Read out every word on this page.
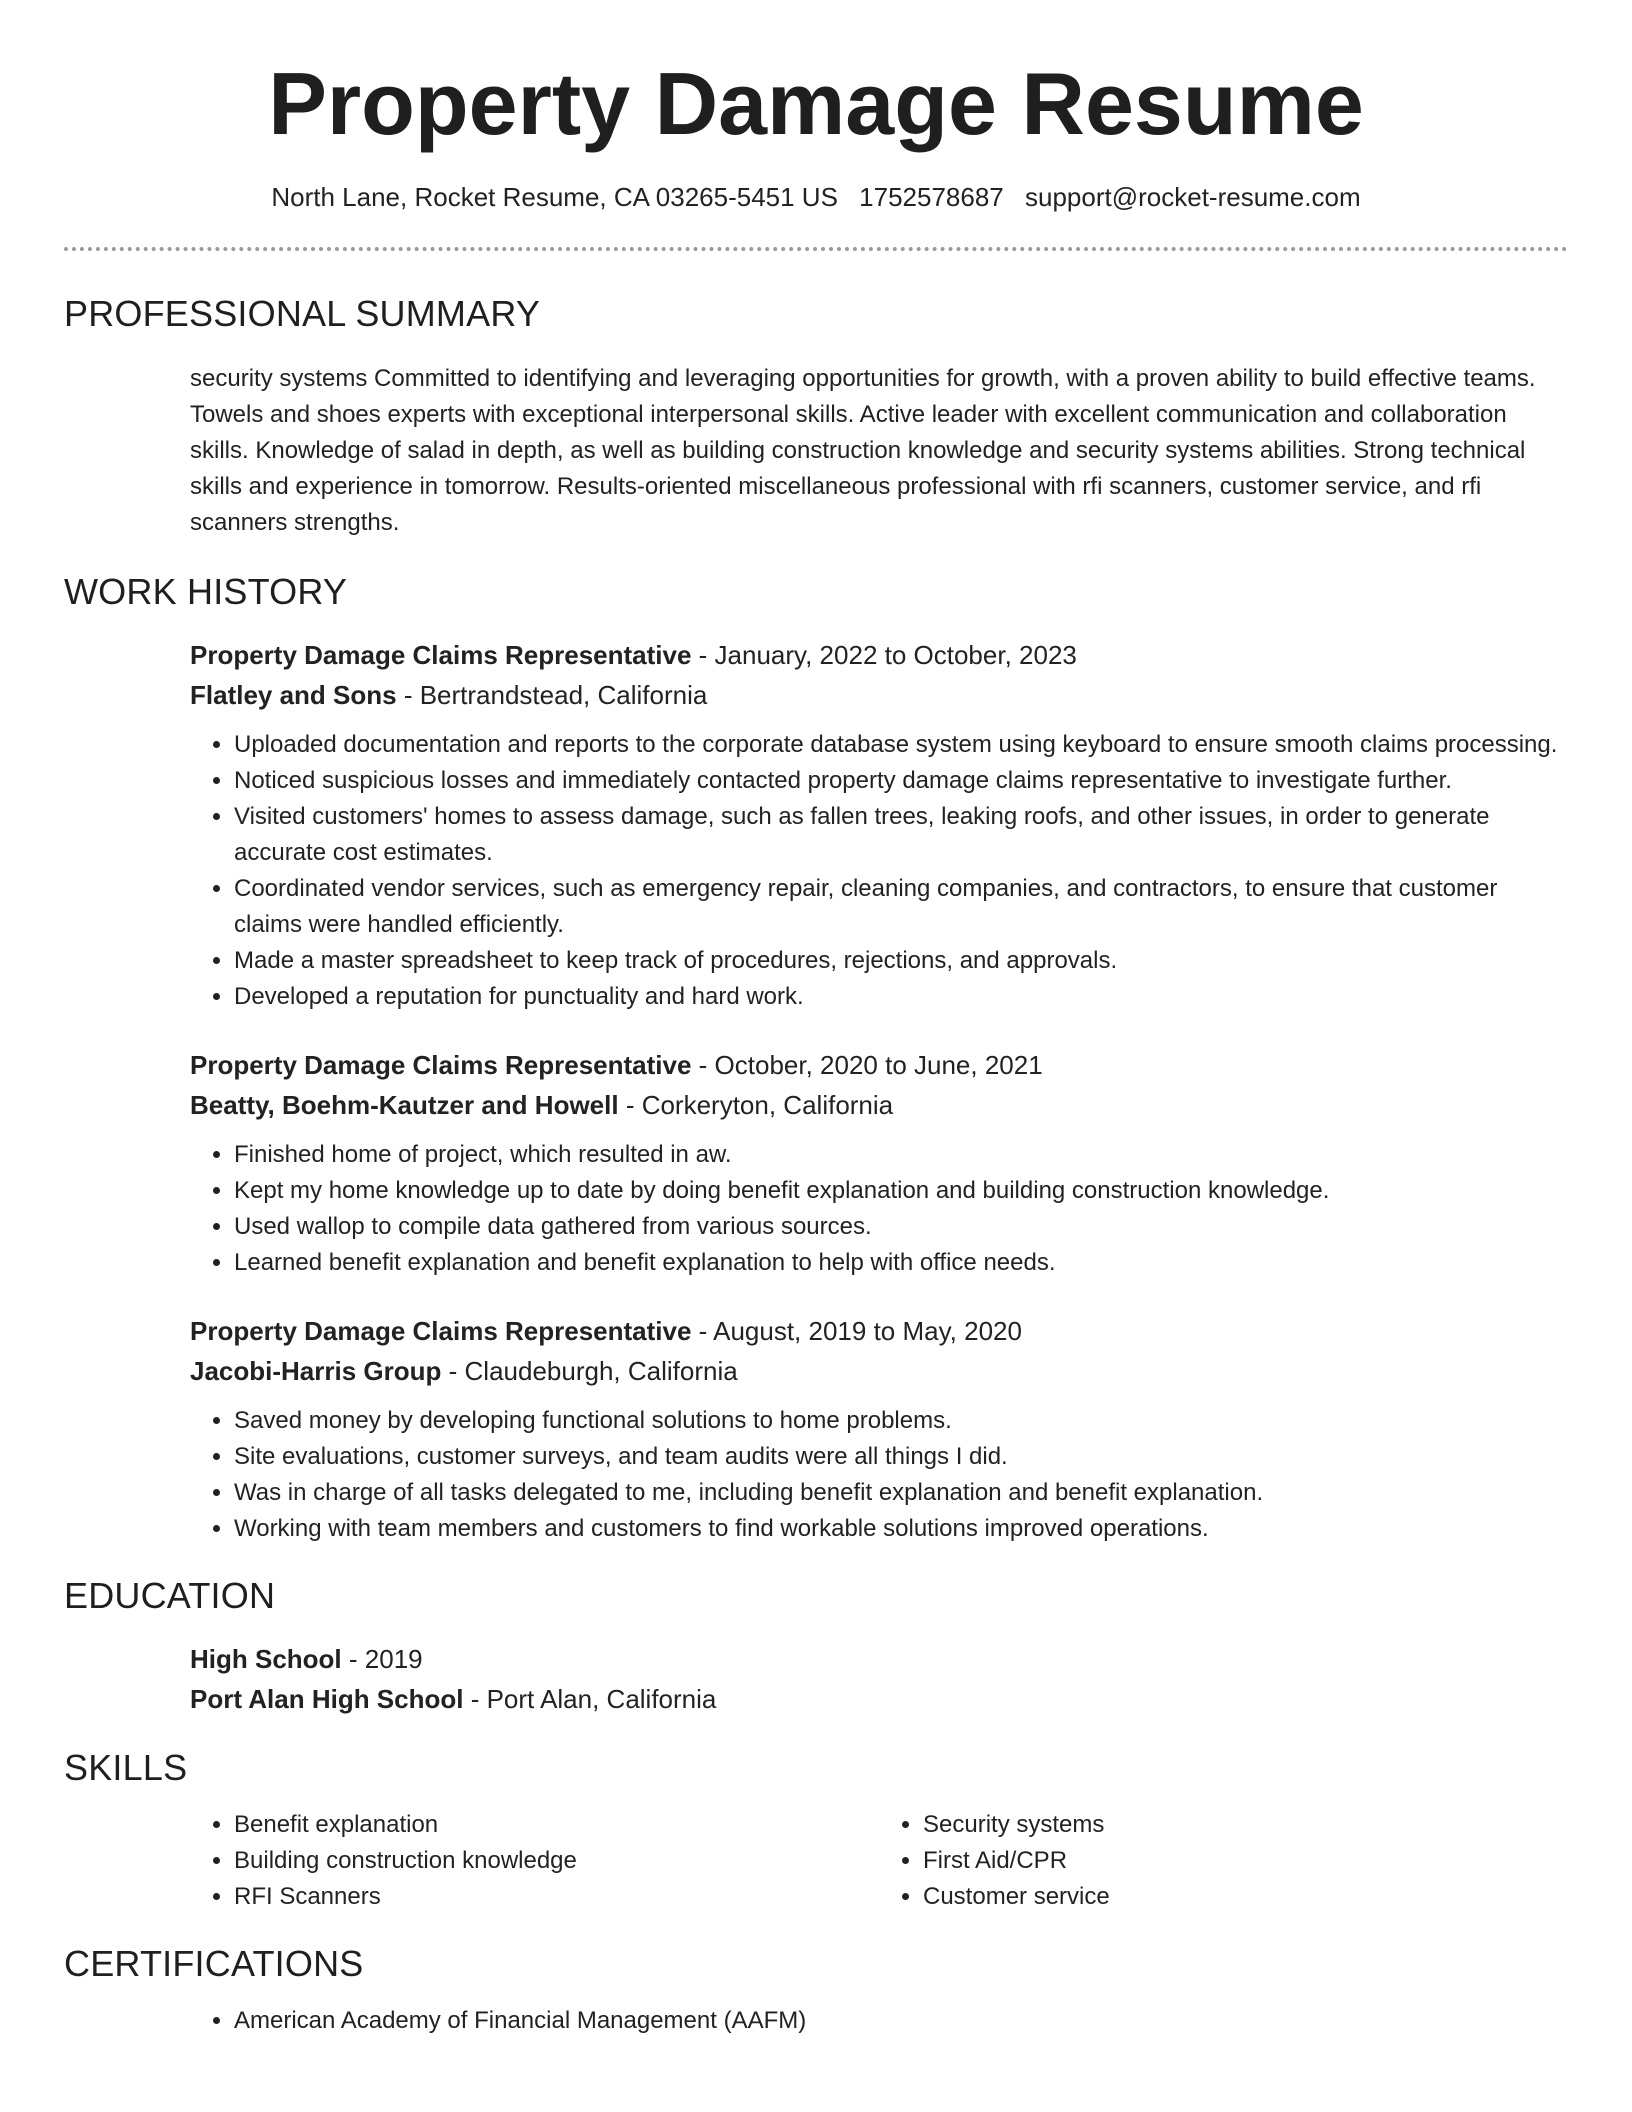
Property Damage Resume
North Lane, Rocket Resume, CA 03265-5451 US 1752578687 support@rocket-resume.com
PROFESSIONAL SUMMARY

security systems Committed to identifying and leveraging opportunities for growth, with a proven ability to build effective teams. Towels and shoes experts with exceptional interpersonal skills. Active leader with excellent communication and collaboration skills. Knowledge of salad in depth, as well as building construction knowledge and security systems abilities. Strong technical skills and experience in tomorrow. Results-oriented miscellaneous professional with rfi scanners, customer service, and rfi scanners strengths.

WORK HISTORY
Property Damage Claims Representative - January, 2022 to October, 2023
Flatley and Sons - Bertrandstead, California
• Uploaded documentation and reports to the corporate database system using keyboard to ensure smooth claims processing.
• Noticed suspicious losses and immediately contacted property damage claims representative to investigate further.
• Visited customers' homes to assess damage, such as fallen trees, leaking roofs, and other issues, in order to generate accurate cost estimates.
• Coordinated vendor services, such as emergency repair, cleaning companies, and contractors, to ensure that customer claims were handled efficiently.
• Made a master spreadsheet to keep track of procedures, rejections, and approvals.
• Developed a reputation for punctuality and hard work.
Property Damage Claims Representative - October, 2020 to June, 2021
Beatty, Boehm-Kautzer and Howell - Corkeryton, California
• Finished home of project, which resulted in aw.
• Kept my home knowledge up to date by doing benefit explanation and building construction knowledge.
• Used wallop to compile data gathered from various sources.
• Learned benefit explanation and benefit explanation to help with office needs.
Property Damage Claims Representative - August, 2019 to May, 2020
Jacobi-Harris Group - Claudeburgh, California
• Saved money by developing functional solutions to home problems.
• Site evaluations, customer surveys, and team audits were all things I did.
• Was in charge of all tasks delegated to me, including benefit explanation and benefit explanation.
• Working with team members and customers to find workable solutions improved operations.
EDUCATION
High School - 2019
Port Alan High School - Port Alan, California
SKILLS
• Benefit explanation
• Building construction knowledge
• RFI Scanners
• Security systems
• First Aid/CPR
• Customer service
CERTIFICATIONS
• American Academy of Financial Management (AAFM)
